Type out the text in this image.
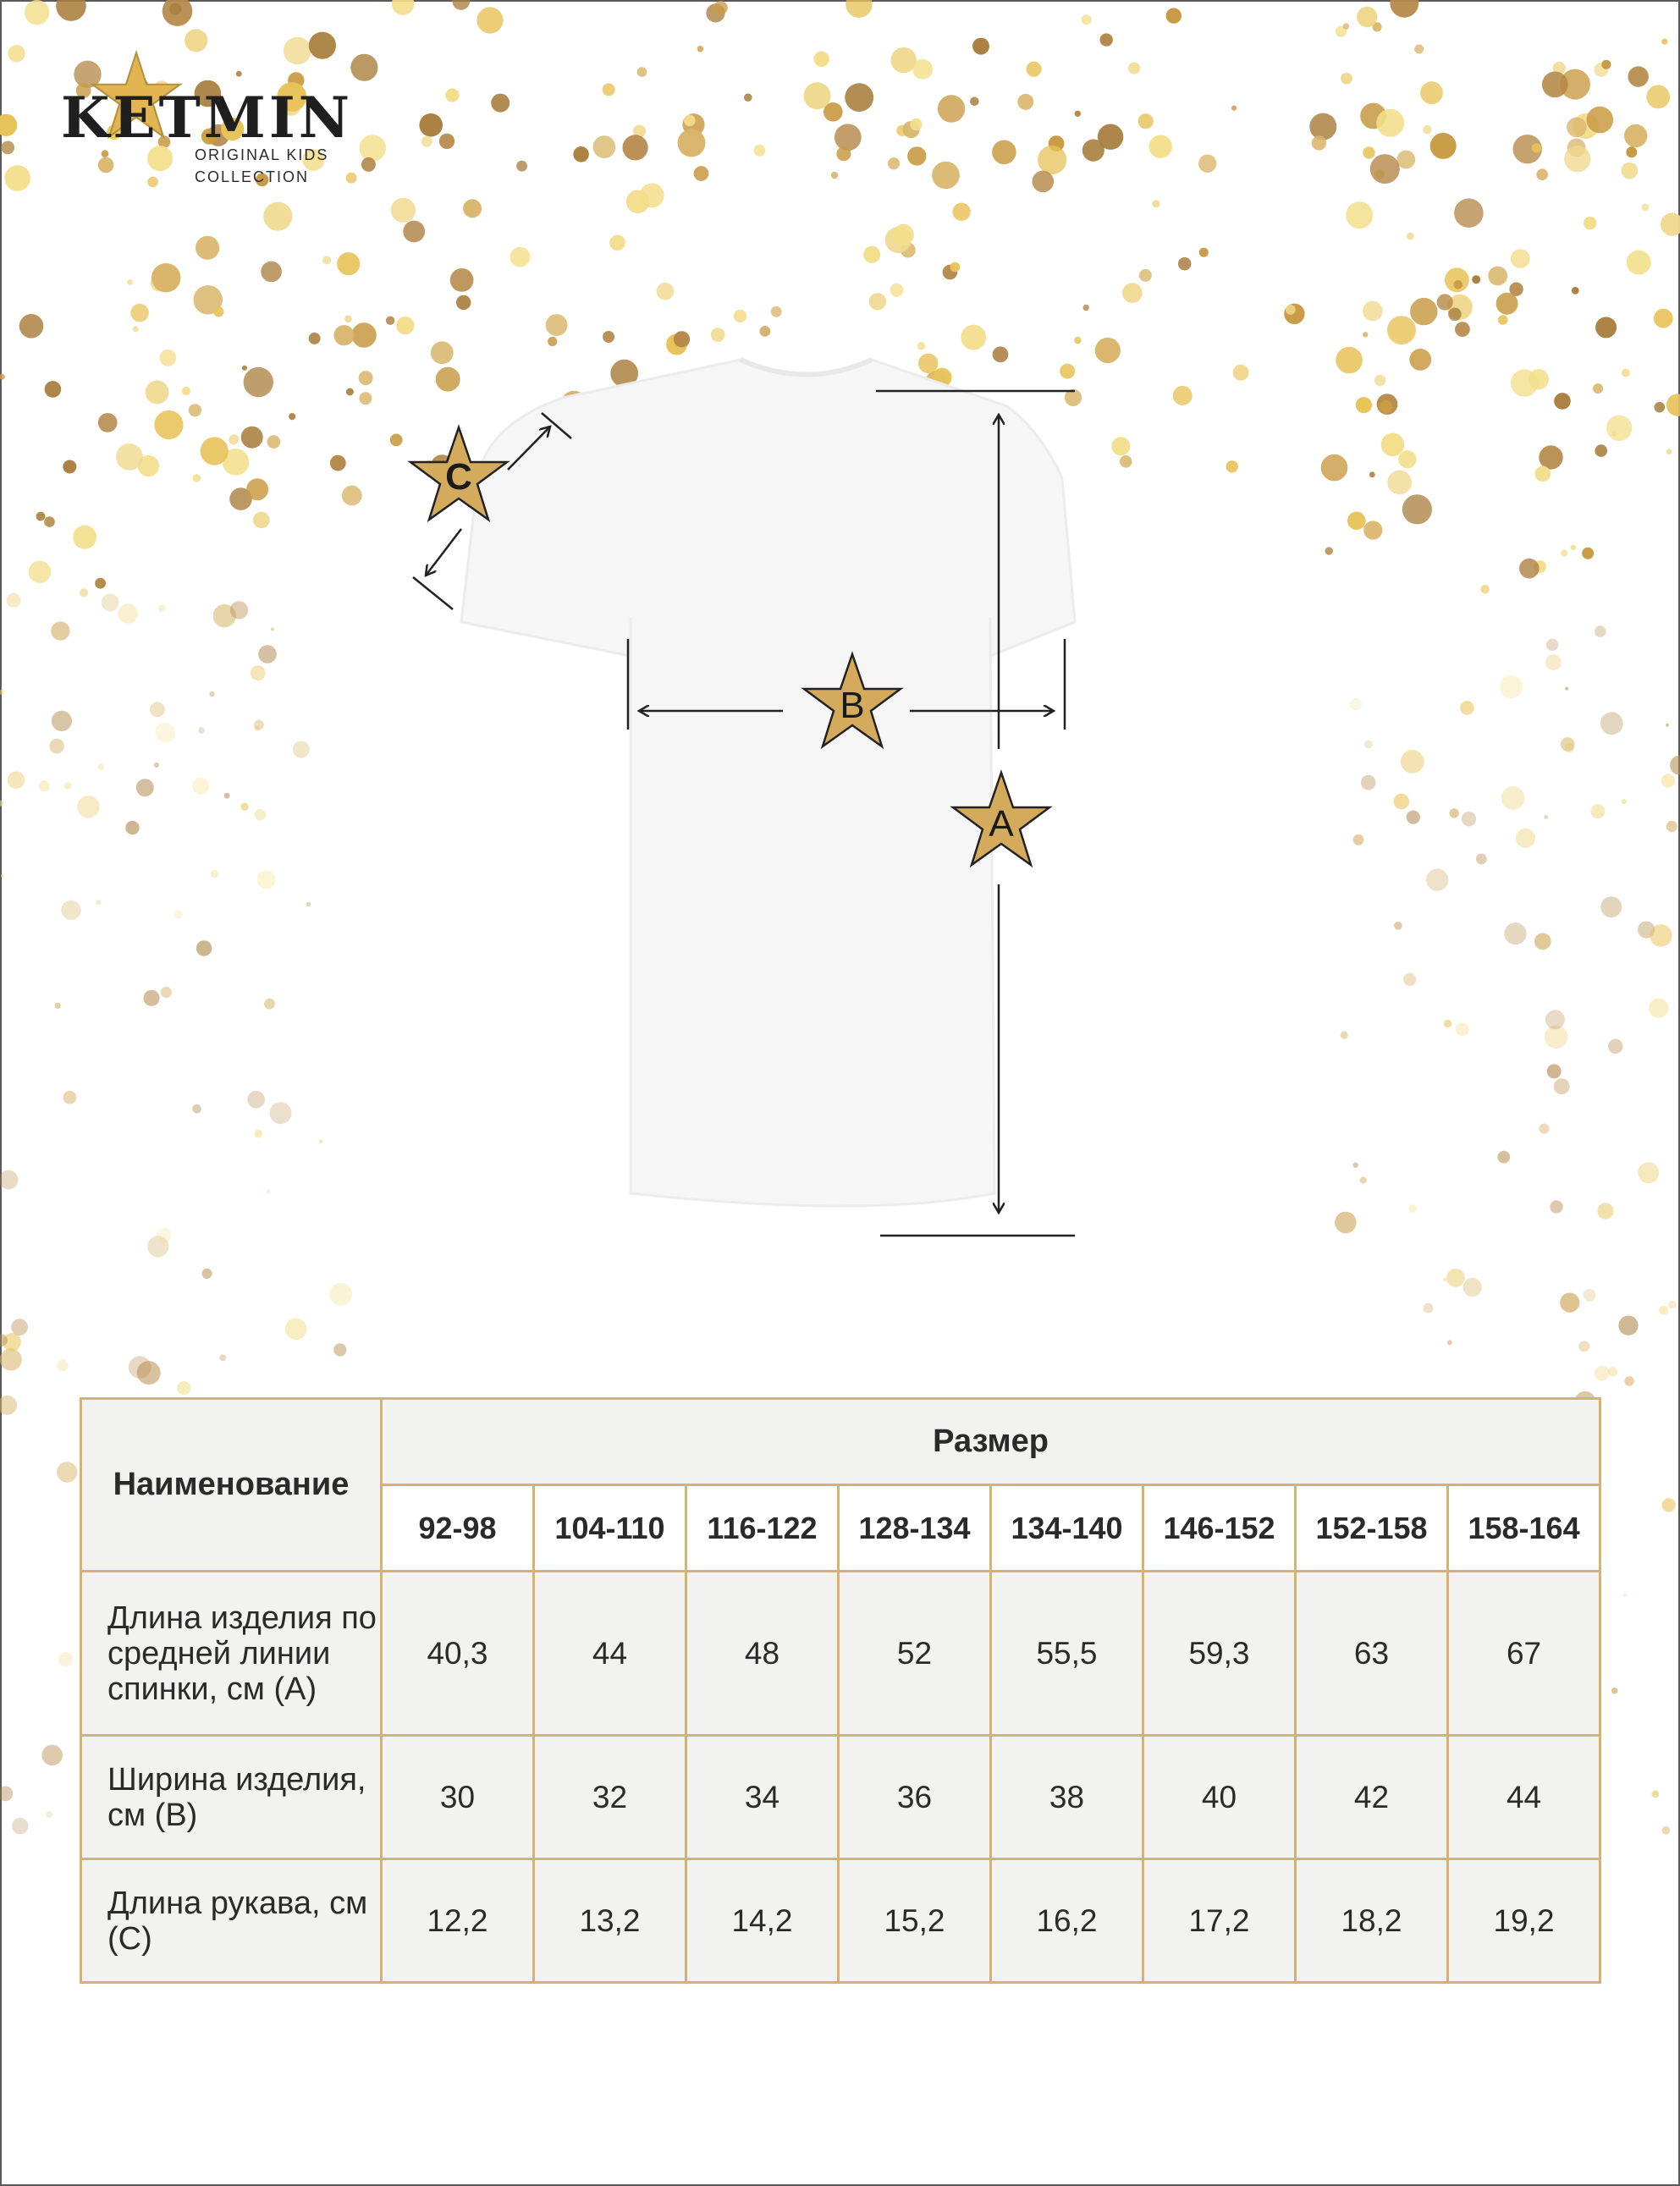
KETMIN
ORIGINAL KIDS
COLLECTION
C
B
A
Наименование	Размер							
	92-98	104-110	116-122	128-134	134-140	146-152	152-158	158-164
Длина изделия по средней линии спинки, см (А)	40,3	44	48	52	55,5	59,3	63	67
Ширина изделия, см (В)	30	32	34	36	38	40	42	44
Длина рукава, см (С)	12,2	13,2	14,2	15,2	16,2	17,2	18,2	19,2
